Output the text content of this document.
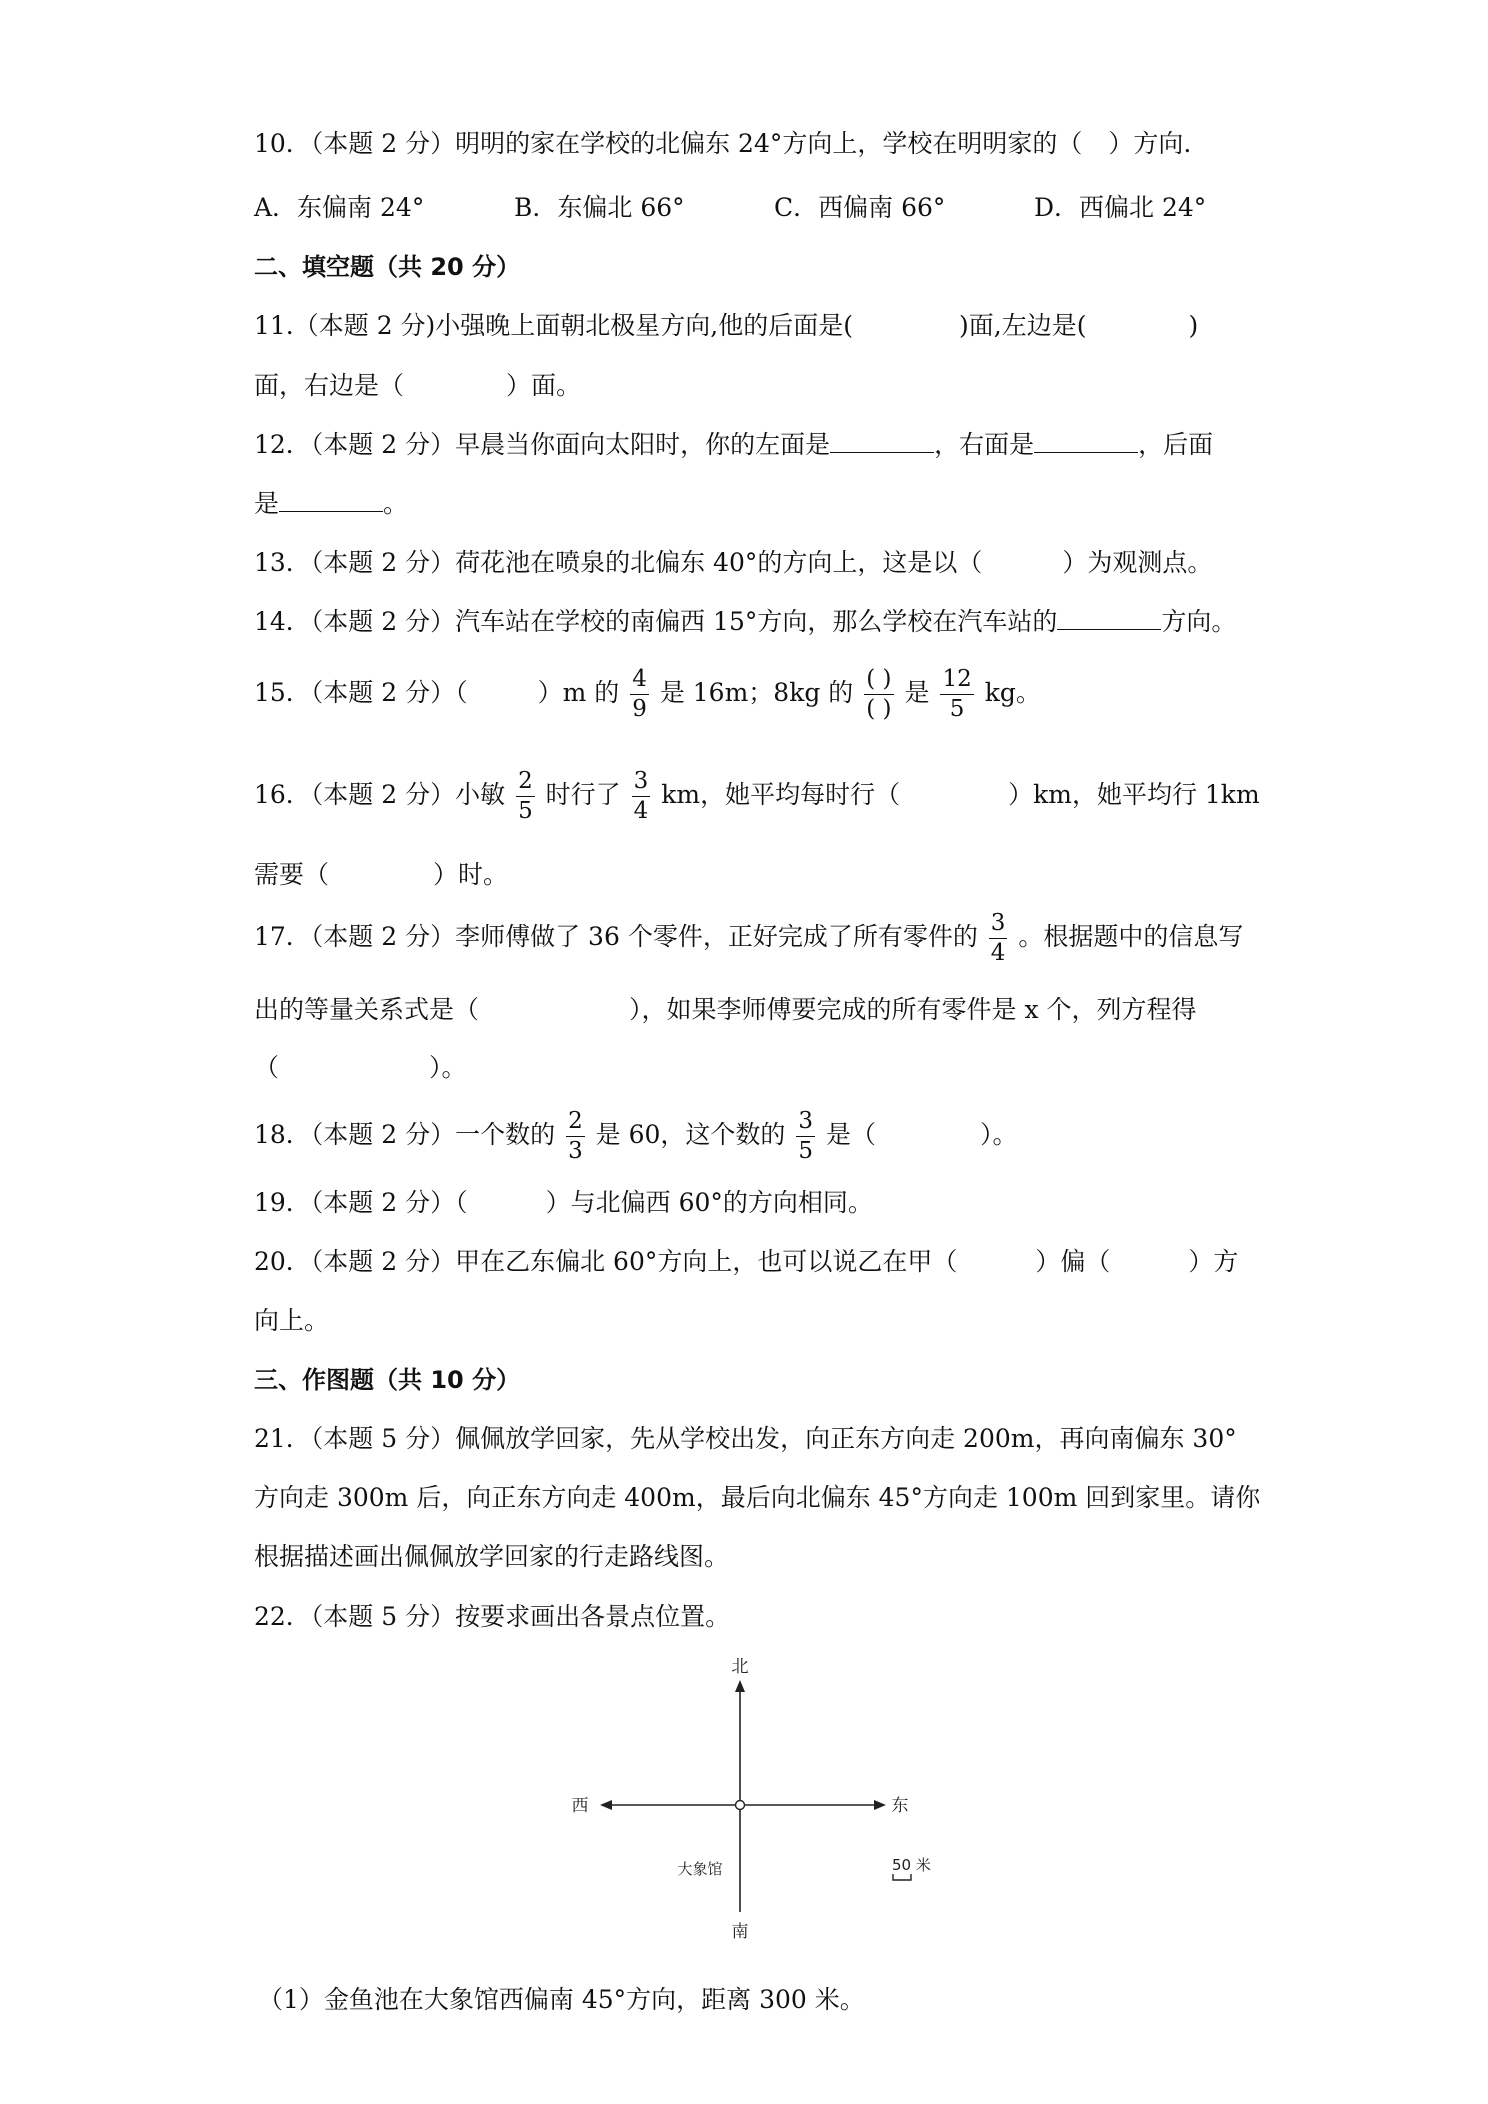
10．（本题 2 分）明明的家在学校的北偏东 24°方向上，学校在明明家的（ ）方向.
A．东偏南 24°	B．东偏北 66°	C．西偏南 66°	D．西偏北 24°
二、填空题（共 20 分）
11.（本题 2 分)小强晚上面朝北极星方向,他的后面是(	)面,左边是(	)
面，右边是（	）面。
12．（本题 2 分）早晨当你面向太阳时，你的左面是	，右面是	，后面
是	。
13．（本题 2 分）荷花池在喷泉的北偏东 40°的方向上，这是以（	）为观测点。
14．（本题 2 分）汽车站在学校的南偏西 15°方向，那么学校在汽车站的	方向。
15．（本题 2 分）（	）m 的 $\frac{4}{9}$ 是 16m；8kg 的 $\frac{( )}{( )}$ 是 $\frac{12}{5}$ kg。
16．（本题 2 分）小敏 $\frac{2}{5}$ 时行了 $\frac{3}{4}$ km，她平均每时行（	）km，她平均行 1km
需要（	）时。
17．（本题 2 分）李师傅做了 36 个零件，正好完成了所有零件的 $\frac{3}{4}$ 。根据题中的信息写
出的等量关系式是（	），如果李师傅要完成的所有零件是 x 个，列方程得
（	）。
18．（本题 2 分）一个数的 $\frac{2}{3}$ 是 60，这个数的 $\frac{3}{5}$ 是（	）。
19．（本题 2 分）（	）与北偏西 60°的方向相同。
20．（本题 2 分）甲在乙东偏北 60°方向上，也可以说乙在甲（	）偏（	）方
向上。
三、作图题（共 10 分）
21．（本题 5 分）佩佩放学回家，先从学校出发，向正东方向走 200m，再向南偏东 30°
方向走 300m 后，向正东方向走 400m，最后向北偏东 45°方向走 100m 回到家里。请你
根据描述画出佩佩放学回家的行走路线图。
22．（本题 5 分）按要求画出各景点位置。
北
南
西	东
大象馆	50 米
（1）金鱼池在大象馆西偏南 45°方向，距离 300 米。
